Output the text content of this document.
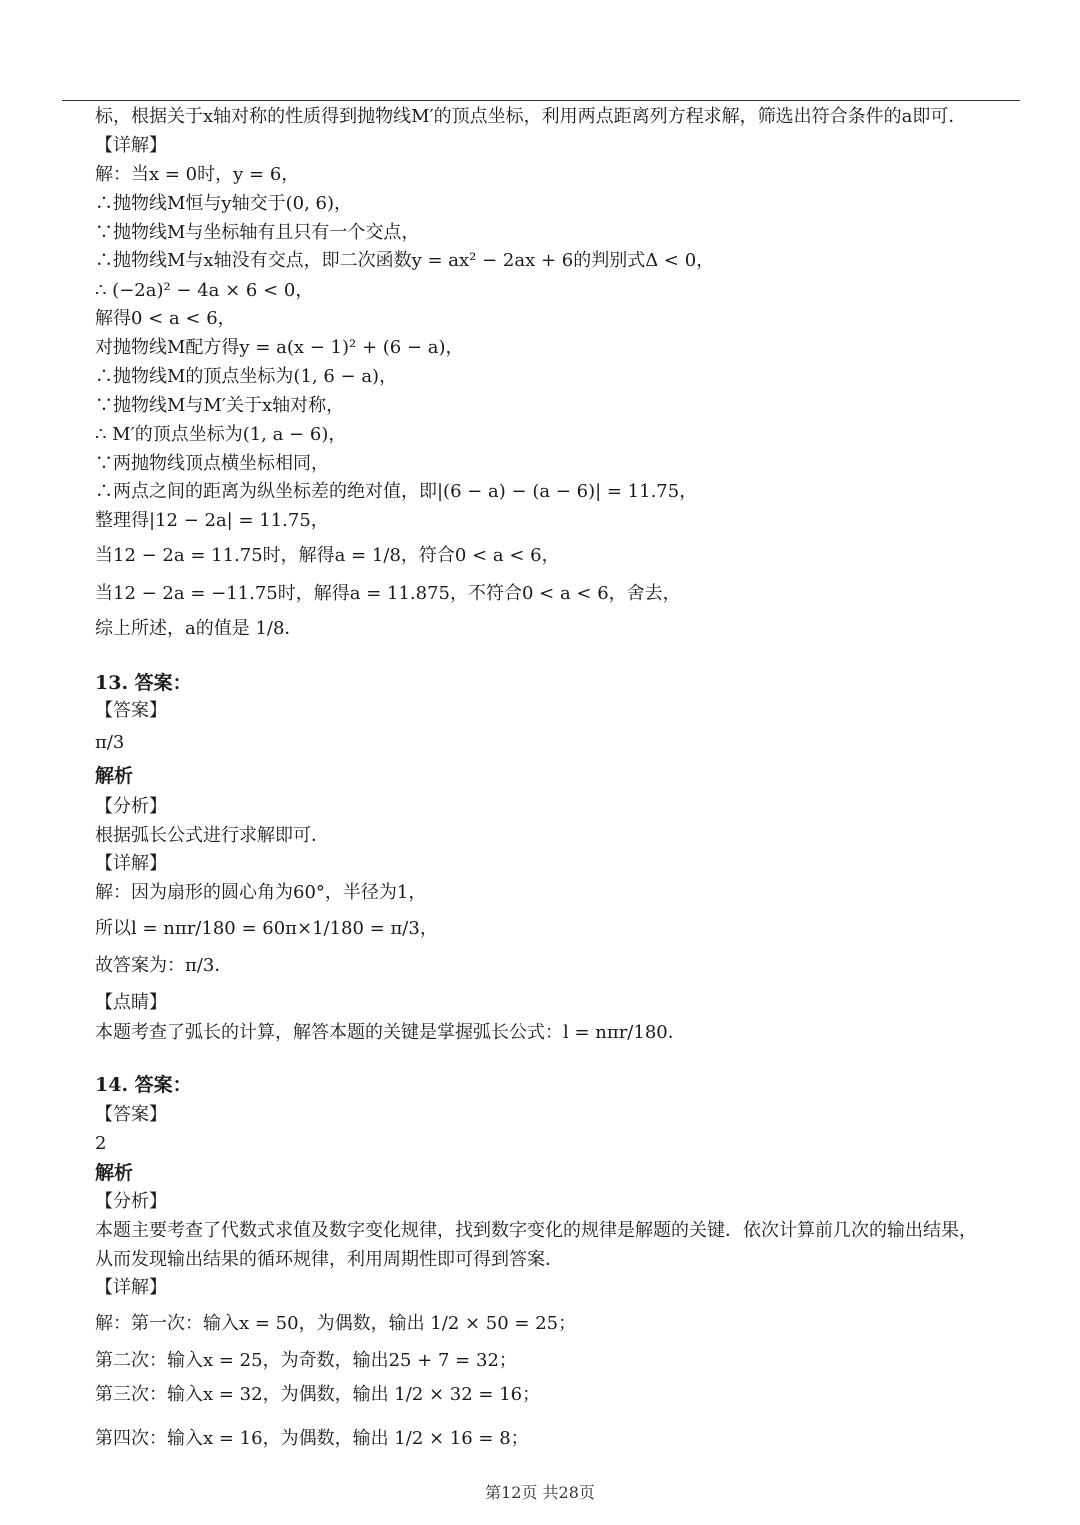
标，根据关于x轴对称的性质得到抛物线M′的顶点坐标，利用两点距离列方程求解，筛选出符合条件的a即可．
【详解】
解：当x = 0时，y = 6，
∴抛物线M恒与y轴交于(0, 6)，
∵抛物线M与坐标轴有且只有一个交点，
∴抛物线M与x轴没有交点，即二次函数y = ax² − 2ax + 6的判别式Δ < 0，
∴ (−2a)² − 4a × 6 < 0，
解得0 < a < 6，
对抛物线M配方得y = a(x − 1)² + (6 − a)，
∴抛物线M的顶点坐标为(1, 6 − a)，
∵抛物线M与M′关于x轴对称，
∴ M′的顶点坐标为(1, a − 6)，
∵两抛物线顶点横坐标相同，
∴两点之间的距离为纵坐标差的绝对值，即|(6 − a) − (a − 6)| = 11.75，
整理得|12 − 2a| = 11.75，
当12 − 2a = 11.75时，解得a = 1/8，符合0 < a < 6，
当12 − 2a = −11.75时，解得a = 11.875，不符合0 < a < 6，舍去，
综上所述，a的值是 1/8．
13. 答案：
【答案】
π/3
解析
【分析】
根据弧长公式进行求解即可．
【详解】
解：因为扇形的圆心角为60°，半径为1，
所以l = nπr/180 = 60π×1/180 = π/3，
故答案为：π/3．
【点睛】
本题考查了弧长的计算，解答本题的关键是掌握弧长公式：l = nπr/180．
14. 答案：
【答案】
2
解析
【分析】
本题主要考查了代数式求值及数字变化规律，找到数字变化的规律是解题的关键．依次计算前几次的输出结果，
从而发现输出结果的循环规律，利用周期性即可得到答案．
【详解】
解：第一次：输入x = 50，为偶数，输出 1/2 × 50 = 25；
第二次：输入x = 25，为奇数，输出25 + 7 = 32；
第三次：输入x = 32，为偶数，输出 1/2 × 32 = 16；
第四次：输入x = 16，为偶数，输出 1/2 × 16 = 8；
第12页 共28页
